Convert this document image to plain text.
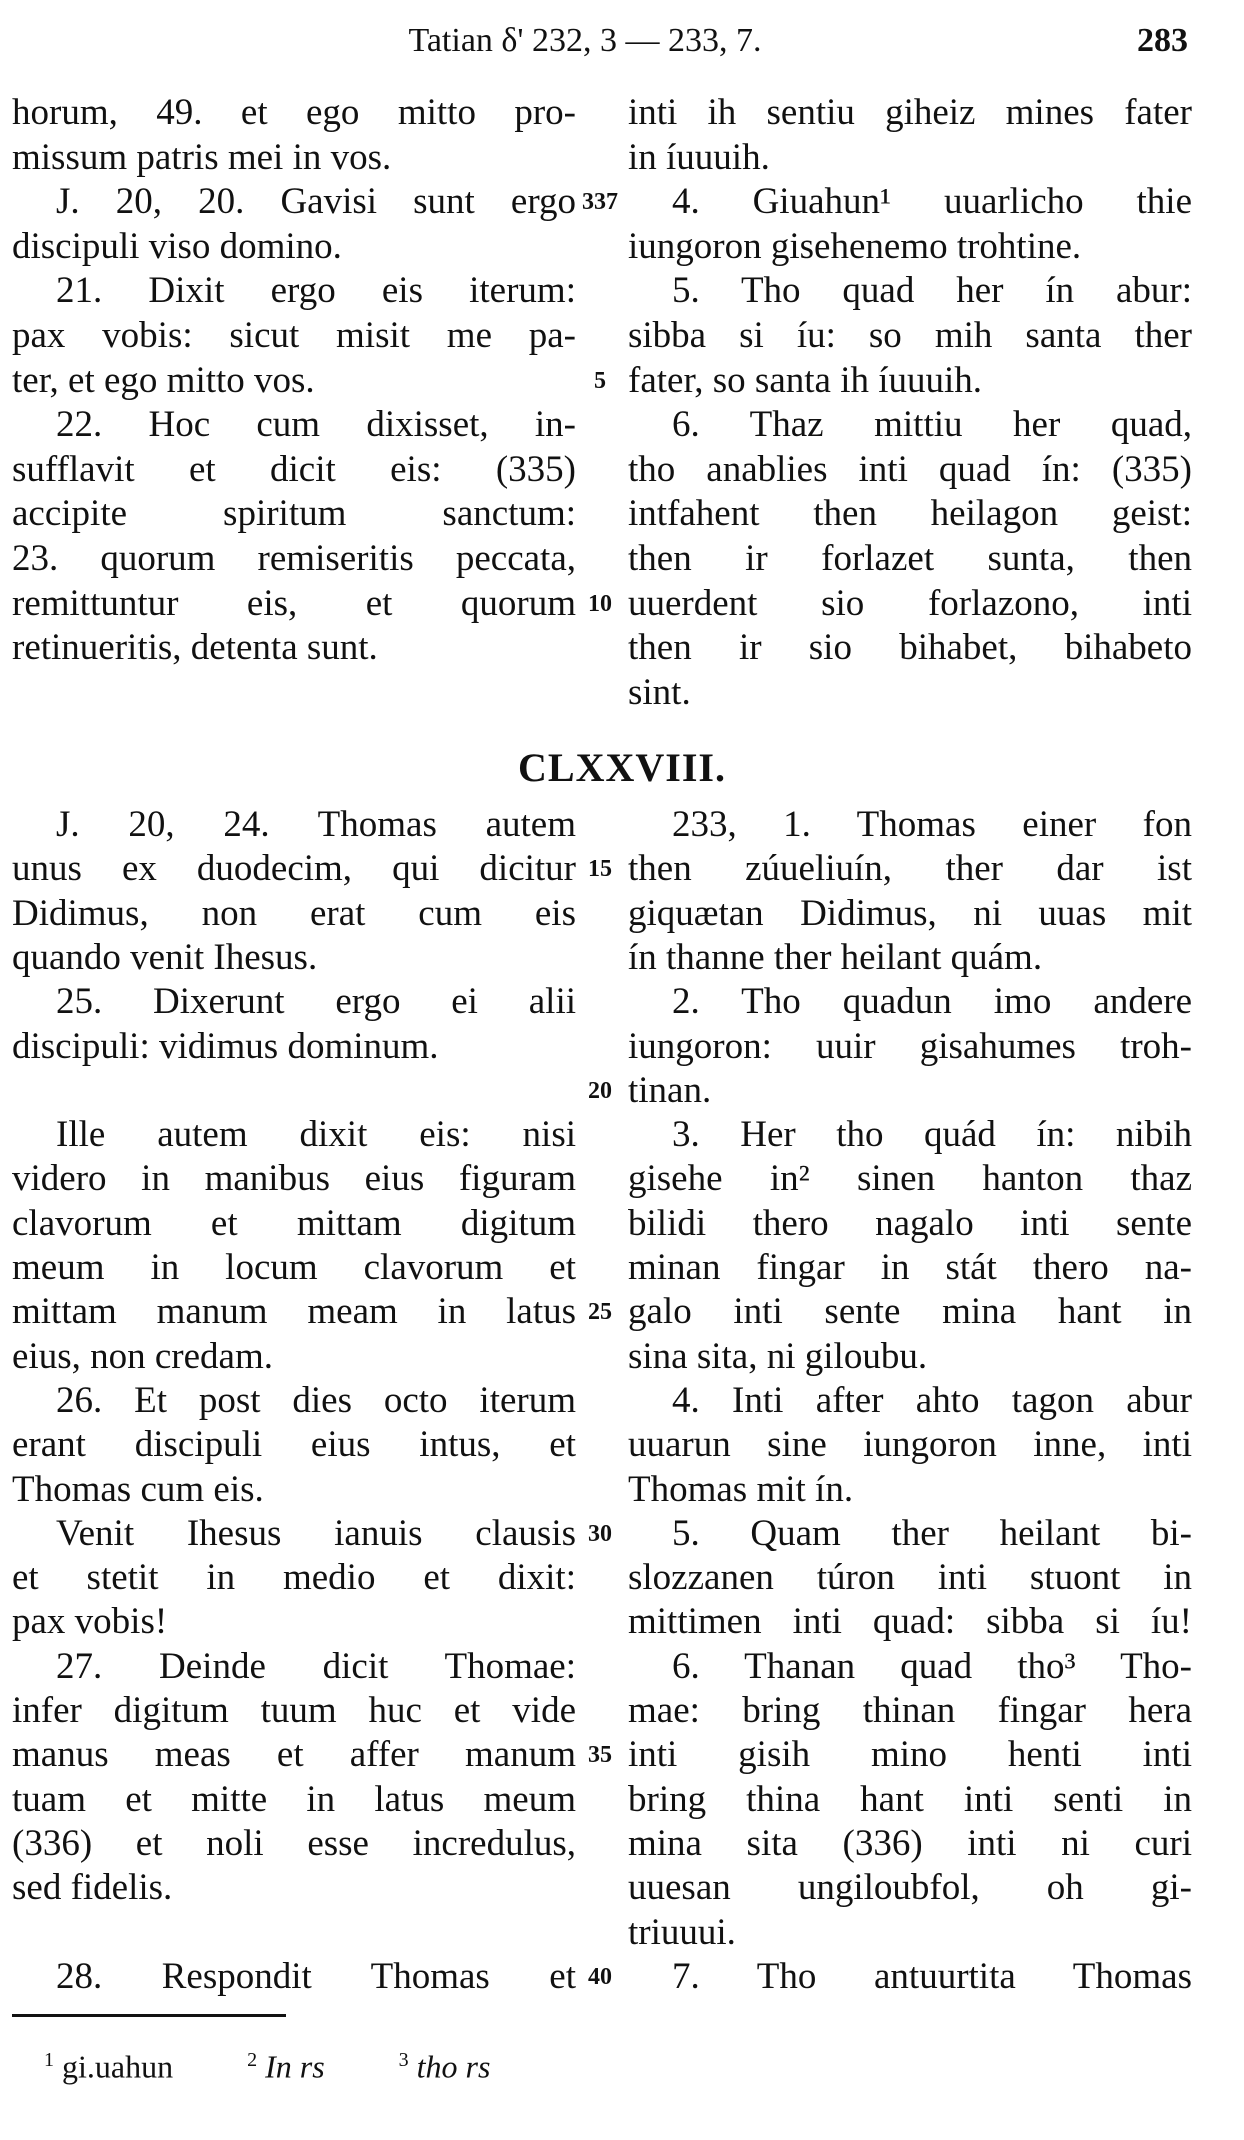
Tatian δ' 232, 3 — 233, 7.	283
horum, 49. et ego mitto pro- inti ih sentiu giheiz mines fater
missum patris mei in vos.	in íuuuih.
J. 20, 20. Gavisi sunt ergo 337	4. Giuahun¹ uuarlicho thie
discipuli viso domino.	iungoron gisehenemo trohtine.
21. Dixit ergo eis iterum:	5. Tho quad her ín abur:
pax vobis: sicut misit me pa- sibba si íu: so mih santa ther
ter, et ego mitto vos.	5 fater, so santa ih íuuuih.
22. Hoc cum dixisset, in-	6. Thaz mittiu her quad,
sufflavit et dicit eis: (335) tho anablies inti quad ín: (335)
accipite spiritum sanctum: intfahent then heilagon geist:
23. quorum remiseritis peccata, then ir forlazet sunta, then
remittuntur eis, et quorum 10 uuerdent sio forlazono, inti
retinueritis, detenta sunt.	then ir sio bihabet, bihabeto
sint.
CLXXVIII.
J. 20, 24. Thomas autem	233, 1. Thomas einer fon
unus ex duodecim, qui dicitur 15 then zúueliuín, ther dar ist
Didimus, non erat cum eis giquætan Didimus, ni uuas mit
quando venit Ihesus.	ín thanne ther heilant quám.
25. Dixerunt ergo ei alii	2. Tho quadun imo andere
discipuli: vidimus dominum.	iungoron: uuir gisahumes troh-
20 tinan.
Ille autem dixit eis: nisi	3. Her tho quád ín: nibih
videro in manibus eius figuram gisehe in² sinen hanton thaz
clavorum et mittam digitum bilidi thero nagalo inti sente
meum in locum clavorum et minan fingar in stát thero na-
mittam manum meam in latus 25 galo inti sente mina hant in
eius, non credam.	sina sita, ni giloubu.
26. Et post dies octo iterum	4. Inti after ahto tagon abur
erant discipuli eius intus, et uuarun sine iungoron inne, inti
Thomas cum eis.	Thomas mit ín.
Venit Ihesus ianuis clausis 30	5. Quam ther heilant bi-
et stetit in medio et dixit: slozzanen túron inti stuont in
pax vobis!	mittimen inti quad: sibba si íu!
27. Deinde dicit Thomae:	6. Thanan quad tho³ Tho-
infer digitum tuum huc et vide mae: bring thinan fingar hera
manus meas et affer manum 35 inti gisih mino henti inti
tuam et mitte in latus meum bring thina hant inti senti in
(336) et noli esse incredulus, mina sita (336) inti ni curi
sed fidelis.	uuesan ungiloubfol, oh gi-
triuuui.
28. Respondit Thomas et 40	7. Tho antuurtita Thomas
$^1$ gi.uahun	$^2$ In rs	$^3$ tho rs
